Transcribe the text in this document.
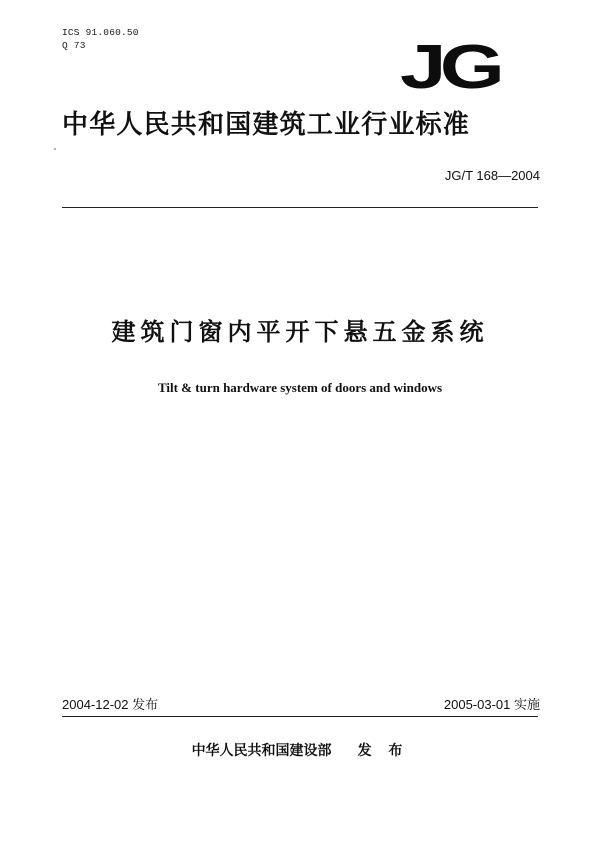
ICS 91.060.50
Q 73	JG
中华人民共和国建筑工业行业标准
JG/T 168—2004
建筑门窗内平开下悬五金系统
Tilt & turn hardware system of doors and windows
2004-12-02 发布	2005-03-01 实施
中华人民共和国建设部 发 布
